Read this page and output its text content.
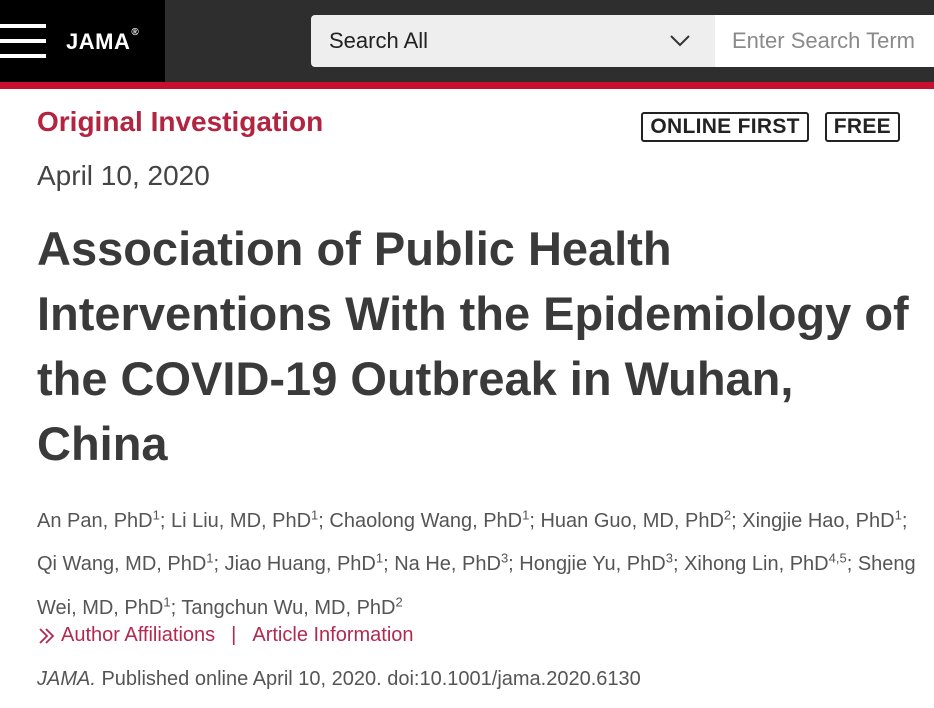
JAMA®	Search All
Enter Search Term
Original Investigation	ONLINE FIRST	FREE
April 10, 2020
Association of Public Health Interventions With the Epidemiology of the COVID-19 Outbreak in Wuhan, China
An Pan, PhD$^1$; Li Liu, MD, PhD$^1$; Chaolong Wang, PhD$^1$; Huan Guo, MD, PhD$^2$; Xingjie Hao, PhD$^1$; Qi Wang, MD, PhD$^1$; Jiao Huang, PhD$^1$; Na He, PhD$^3$; Hongjie Yu, PhD$^3$; Xihong Lin, PhD$^{4,5}$; Sheng Wei, MD, PhD$^1$; Tangchun Wu, MD, PhD$^2$
Author Affiliations | Article Information
JAMA. Published online April 10, 2020. doi:10.1001/jama.2020.6130
